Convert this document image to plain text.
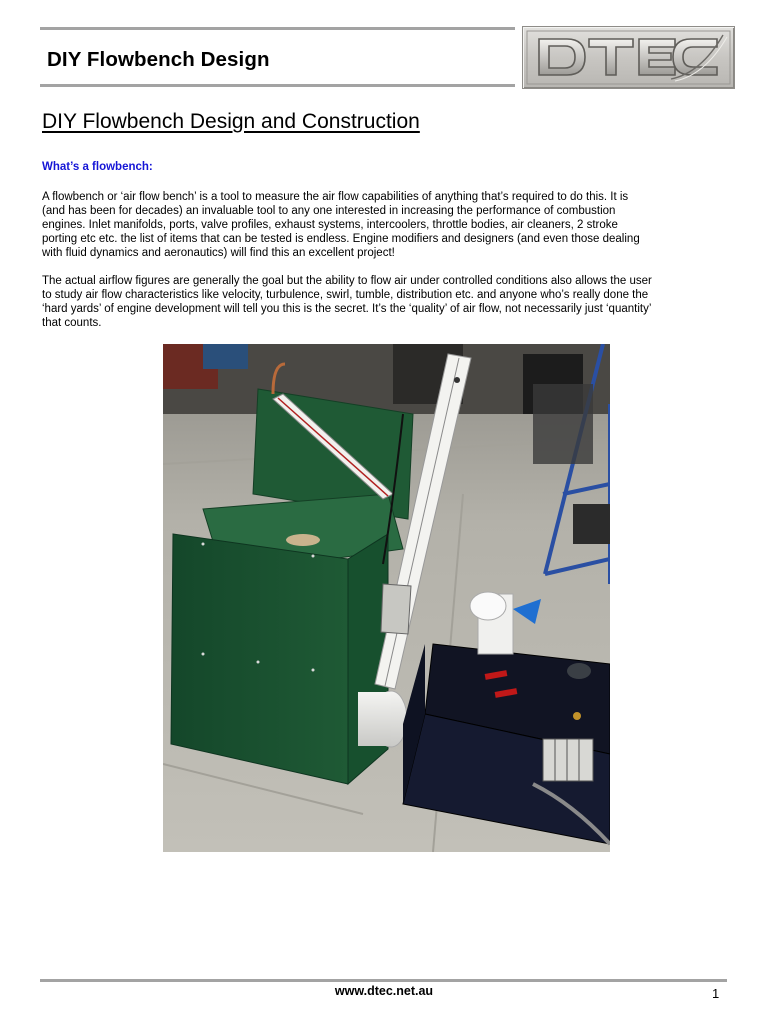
DIY Flowbench Design
DIY Flowbench Design and Construction
What’s a flowbench:
A flowbench or ‘air flow bench’ is a tool to measure the air flow capabilities of anything that’s required to do this. It is
(and has been for decades) an invaluable tool to any one interested in increasing the performance of combustion
engines. Inlet manifolds, ports, valve profiles, exhaust systems, intercoolers, throttle bodies, air cleaners, 2 stroke
porting etc etc. the list of items that can be tested is endless. Engine modifiers and designers (and even those dealing
with fluid dynamics and aeronautics) will find this an excellent project!
The actual airflow figures are generally the goal but the ability to flow air under controlled conditions also allows the user
to study air flow characteristics like velocity, turbulence, swirl, tumble, distribution etc. and anyone who’s really done the
‘hard yards’ of engine development will tell you this is the secret. It’s the ‘quality’ of air flow, not necessarily just ‘quantity’
that counts.
www.dtec.net.au	1
